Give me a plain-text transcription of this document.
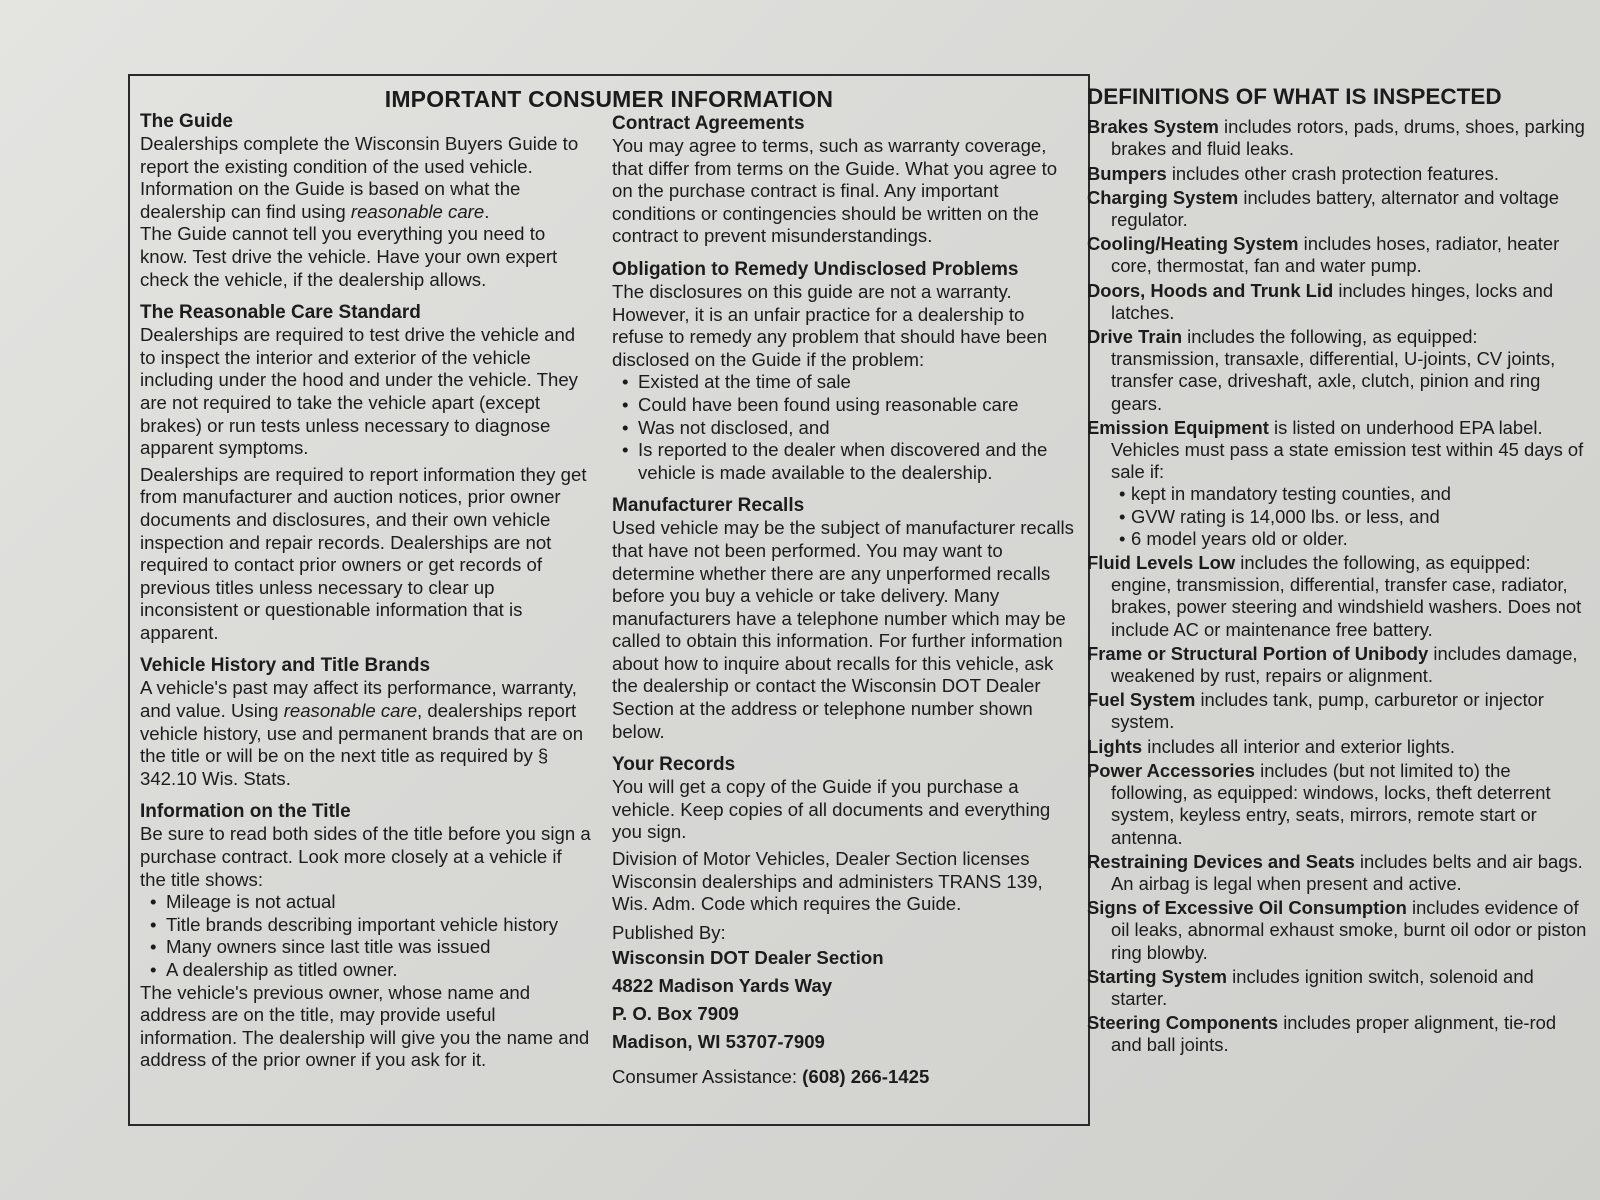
IMPORTANT CONSUMER INFORMATION
The Guide

Dealerships complete the Wisconsin Buyers Guide to report the existing condition of the used vehicle. Information on the Guide is based on what the dealership can find using reasonable care.

The Guide cannot tell you everything you need to know. Test drive the vehicle. Have your own expert check the vehicle, if the dealership allows.

The Reasonable Care Standard

Dealerships are required to test drive the vehicle and to inspect the interior and exterior of the vehicle including under the hood and under the vehicle. They are not required to take the vehicle apart (except brakes) or run tests unless necessary to diagnose apparent symptoms.

Dealerships are required to report information they get from manufacturer and auction notices, prior owner documents and disclosures, and their own vehicle inspection and repair records. Dealerships are not required to contact prior owners or get records of previous titles unless necessary to clear up inconsistent or questionable information that is apparent.

Vehicle History and Title Brands

A vehicle's past may affect its performance, warranty, and value. Using reasonable care, dealerships report vehicle history, use and permanent brands that are on the title or will be on the next title as required by § 342.10 Wis. Stats.

Information on the Title

Be sure to read both sides of the title before you sign a purchase contract. Look more closely at a vehicle if the title shows:

• Mileage is not actual
• Title brands describing important vehicle history
• Many owners since last title was issued
• A dealership as titled owner.

The vehicle's previous owner, whose name and address are on the title, may provide useful information. The dealership will give you the name and address of the prior owner if you ask for it.

Contract Agreements

You may agree to terms, such as warranty coverage, that differ from terms on the Guide. What you agree to on the purchase contract is final. Any important conditions or contingencies should be written on the contract to prevent misunderstandings.

Obligation to Remedy Undisclosed Problems

The disclosures on this guide are not a warranty. However, it is an unfair practice for a dealership to refuse to remedy any problem that should have been disclosed on the Guide if the problem:

• Existed at the time of sale
• Could have been found using reasonable care
• Was not disclosed, and
• Is reported to the dealer when discovered and the vehicle is made available to the dealership.
Manufacturer Recalls

Used vehicle may be the subject of manufacturer recalls that have not been performed. You may want to determine whether there are any unperformed recalls before you buy a vehicle or take delivery. Many manufacturers have a telephone number which may be called to obtain this information. For further information about how to inquire about recalls for this vehicle, ask the dealership or contact the Wisconsin DOT Dealer Section at the address or telephone number shown below.

Your Records

You will get a copy of the Guide if you purchase a vehicle. Keep copies of all documents and everything you sign.

Division of Motor Vehicles, Dealer Section licenses Wisconsin dealerships and administers TRANS 139, Wis. Adm. Code which requires the Guide.

Published By:

Wisconsin DOT Dealer Section

4822 Madison Yards Way

P. O. Box 7909

Madison, WI 53707-7909

Consumer Assistance: (608) 266-1425

DEFINITIONS OF WHAT IS INSPECTED

Brakes System includes rotors, pads, drums, shoes, parking brakes and fluid leaks.

Bumpers includes other crash protection features.

Charging System includes battery, alternator and voltage regulator.

Cooling/Heating System includes hoses, radiator, heater core, thermostat, fan and water pump.

Doors, Hoods and Trunk Lid includes hinges, locks and latches.

Drive Train includes the following, as equipped: transmission, transaxle, differential, U-joints, CV joints, transfer case, driveshaft, axle, clutch, pinion and ring gears.

Emission Equipment is listed on underhood EPA label. Vehicles must pass a state emission test within 45 days of sale if:
• kept in mandatory testing counties, and
• GVW rating is 14,000 lbs. or less, and
• 6 model years old or older.

Fluid Levels Low includes the following, as equipped: engine, transmission, differential, transfer case, radiator, brakes, power steering and windshield washers. Does not include AC or maintenance free battery.

Frame or Structural Portion of Unibody includes damage, weakened by rust, repairs or alignment.

Fuel System includes tank, pump, carburetor or injector system.

Lights includes all interior and exterior lights.

Power Accessories includes (but not limited to) the following, as equipped: windows, locks, theft deterrent system, keyless entry, seats, mirrors, remote start or antenna.

Restraining Devices and Seats includes belts and air bags. An airbag is legal when present and active.

Signs of Excessive Oil Consumption includes evidence of oil leaks, abnormal exhaust smoke, burnt oil odor or piston ring blowby.

Starting System includes ignition switch, solenoid and starter.

Steering Components includes proper alignment, tie-rod and ball joints.
